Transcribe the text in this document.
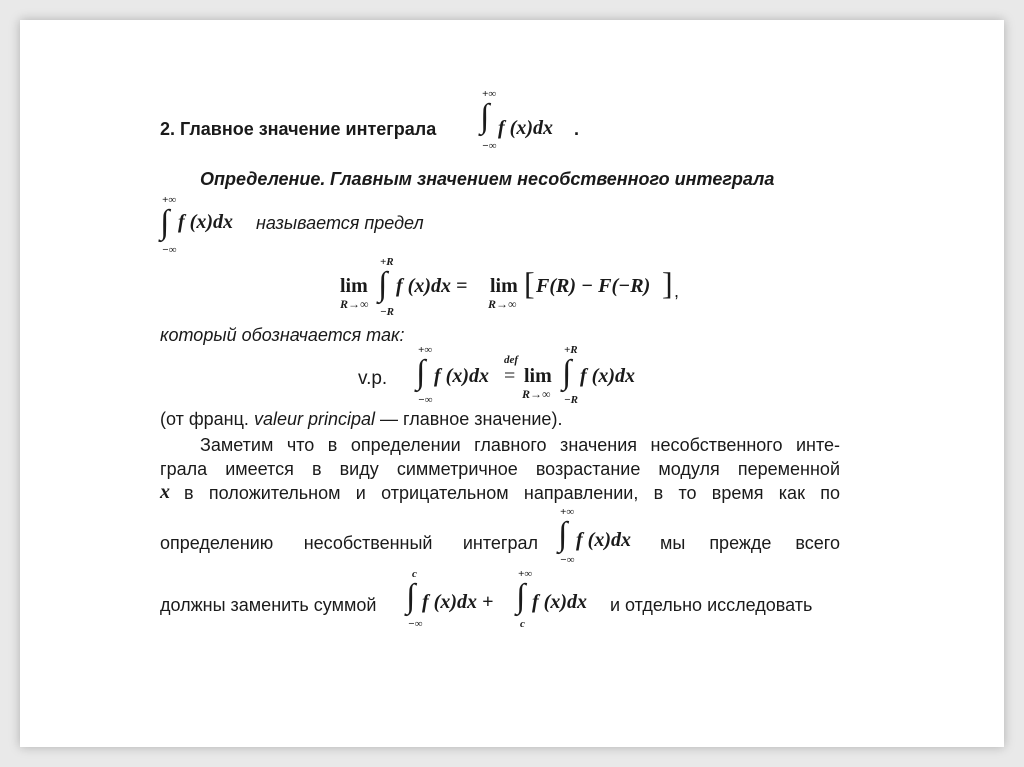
2. Главное значение интеграла
+∞
∫
−∞
f (x)dx .
Определение. Главным значением несобственного интеграла
+∞
∫
−∞
f (x)dx называется предел
lim
R→∞
+R
∫
−R
f (x)dx = lim
R→∞
[ F(R) − F(−R) ] ,
который обозначается так:
v.p.
+∞
∫
−∞
f (x)dx
def
= lim
R→∞
+R
∫
−R
f (x)dx
(от франц. valeur principal — главное значение).
Заметим что в определении главного значения несобственного инте-
грала имеется в виду симметричное возрастание модуля переменной
x в положительном и отрицательном направлении, в то время как по
определению несобственный интеграл
+∞
∫
−∞
f (x)dx мы прежде всего
должны заменить суммой
c
∫
−∞
f (x)dx +
+∞
∫
c
f (x)dx и отдельно исследовать
